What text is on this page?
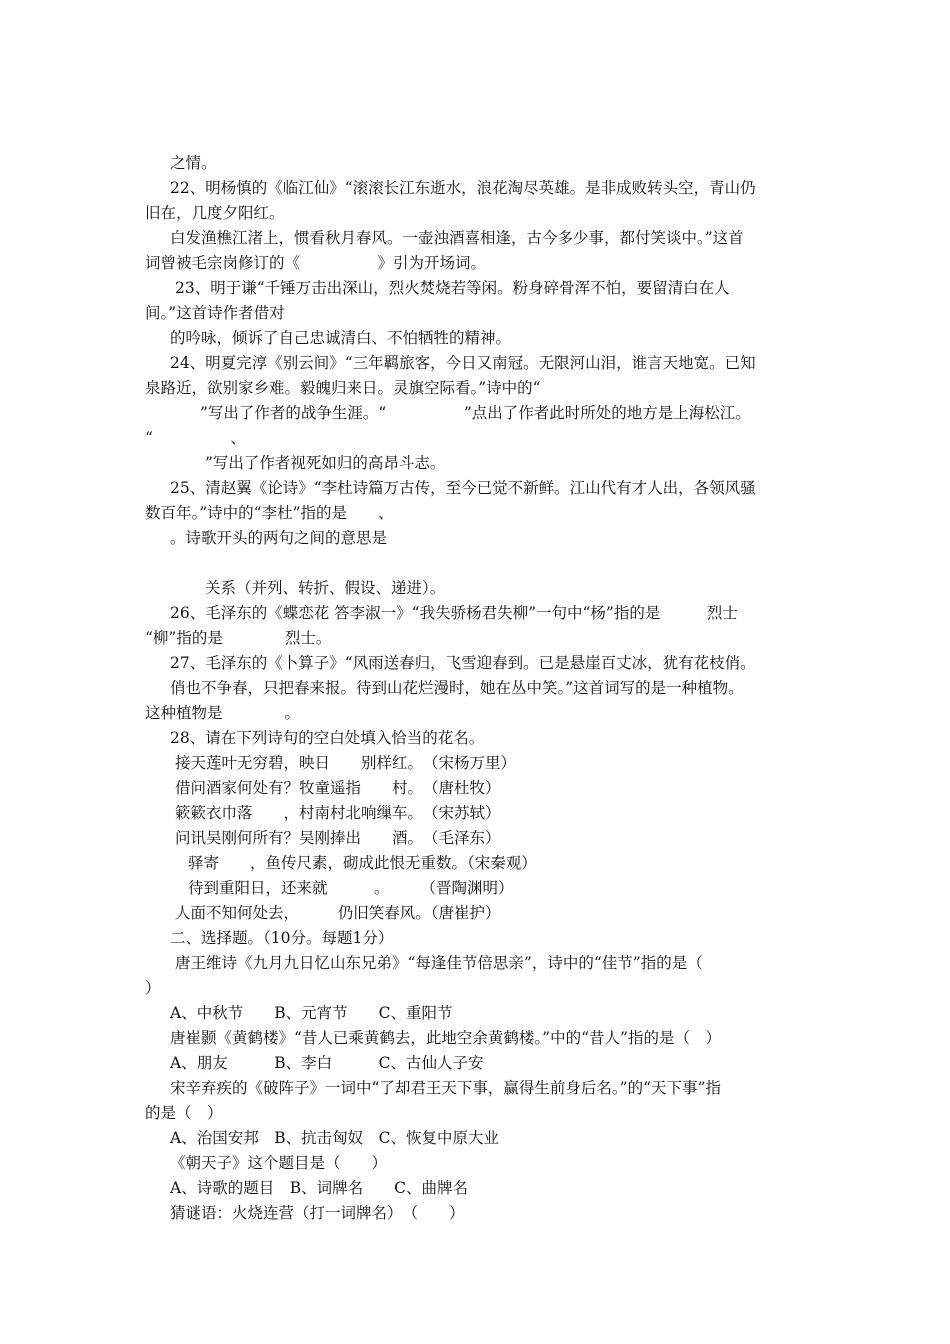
之情。

22、明杨慎的《临江仙》“滚滚长江东逝水，浪花淘尽英雄。是非成败转头空，青山仍

旧在，几度夕阳红。

白发渔樵江渚上，惯看秋月春风。一壶浊酒喜相逢，古今多少事，都付笑谈中。”这首

词曾被毛宗岗修订的《　　　　　》引为开场词。

23、明于谦“千锤万击出深山，烈火焚烧若等闲。粉身碎骨浑不怕，要留清白在人

间。”这首诗作者借对

的吟咏，倾诉了自己忠诚清白、不怕牺牲的精神。

24、明夏完淳《别云间》“三年羁旅客，今日又南冠。无限河山泪，谁言天地宽。已知

泉路近，欲别家乡难。毅魄归来日。灵旗空际看。”诗中的“

”写出了作者的战争生涯。“　　　　　”点出了作者此时所处的地方是上海松江。

“　　　　　、

”写出了作者视死如归的高昂斗志。

25、清赵翼《论诗》“李杜诗篇万古传，至今已觉不新鲜。江山代有才人出，各领风骚

数百年。”诗中的“李杜”指的是　　、

。诗歌开头的两句之间的意思是

关系（并列、转折、假设、递进）。

26、毛泽东的《蝶恋花 答李淑一》“我失骄杨君失柳”一句中“杨”指的是　　　烈士

“柳”指的是　　　　烈士。

27、毛泽东的《卜算子》“风雨送春归，飞雪迎春到。已是悬崖百丈冰，犹有花枝俏。

俏也不争春，只把春来报。待到山花烂漫时，她在丛中笑。”这首词写的是一种植物。

这种植物是　　　　。

28、请在下列诗句的空白处填入恰当的花名。

接天莲叶无穷碧，映日　　别样红。　（宋杨万里）

借问酒家何处有？牧童遥指　　村。　（唐杜牧）

簌簌衣巾落　　，村南村北响缫车。　（宋苏轼）

问讯吴刚何所有？吴刚捧出　　酒。　（毛泽东）

驿寄　　，鱼传尺素，砌成此恨无重数。（宋秦观）

待到重阳日，还来就　　　。　　　（晋陶渊明）

人面不知何处去，　　　仍旧笑春风。（唐崔护）

二、选择题。（10分。每题1分）

唐王维诗《九月九日忆山东兄弟》“每逢佳节倍思亲”，诗中的“佳节”指的是（

）

A、中秋节　　B、元宵节　　C、重阳节

唐崔颢《黄鹤楼》“昔人已乘黄鹤去，此地空余黄鹤楼。”中的“昔人”指的是（　）

A、朋友　　　B、李白　　　C、古仙人子安

宋辛弃疾的《破阵子》一词中“了却君王天下事，赢得生前身后名。”的“天下事”指

的是（　）

A、治国安邦　B、抗击匈奴　C、恢复中原大业

《朝天子》这个题目是（　　）

A、诗歌的题目　B、词牌名　　C、曲牌名

猜谜语：火烧连营（打一词牌名）　（　　）
